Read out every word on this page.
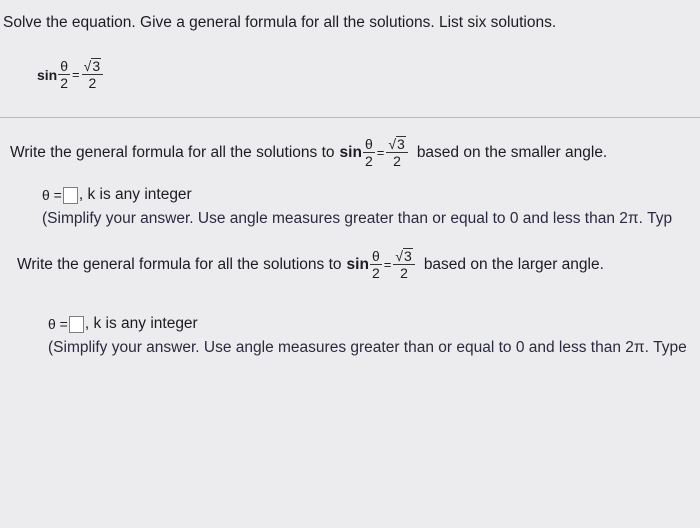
Solve the equation. Give a general formula for all the solutions. List six solutions.
$\sin \frac{\theta}{2} = \frac{√ 3}{2}$
Write the general formula for all the solutions to $\sin \frac{\theta}{2} = \frac{√ 3}{2}$ based on the smaller angle.
θ = , k is any integer
(Simplify your answer. Use angle measures greater than or equal to 0 and less than 2π. Typ
Write the general formula for all the solutions to $\sin \frac{\theta}{2} = \frac{√ 3}{2}$ based on the larger angle.
θ = , k is any integer
(Simplify your answer. Use angle measures greater than or equal to 0 and less than 2π. Type
